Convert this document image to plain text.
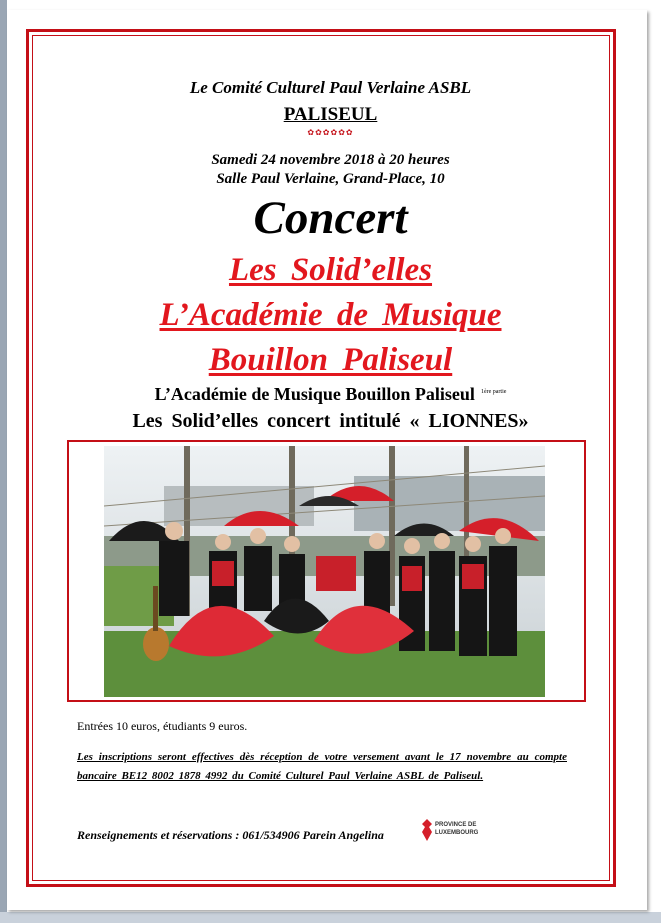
Le Comité Culturel Paul Verlaine ASBL
PALISEUL
✿✿✿✿✿✿
Samedi 24 novembre 2018 à 20 heures
Salle Paul Verlaine, Grand-Place, 10
Concert
Les Solid’elles
L’Académie de Musique
Bouillon Paliseul
L’Académie de Musique Bouillon Paliseul $^{1ère partie}$
Les Solid’elles concert intitulé « LIONNES»
Entrées 10 euros, étudiants 9 euros.
Les inscriptions seront effectives dès réception de votre versement avant le 17 novembre au compte bancaire BE12 8002 1878 4992 du Comité Culturel Paul Verlaine ASBL de Paliseul.
Renseignements et réservations : 061/534906 Parein Angelina
PROVINCE DE
LUXEMBOURG
